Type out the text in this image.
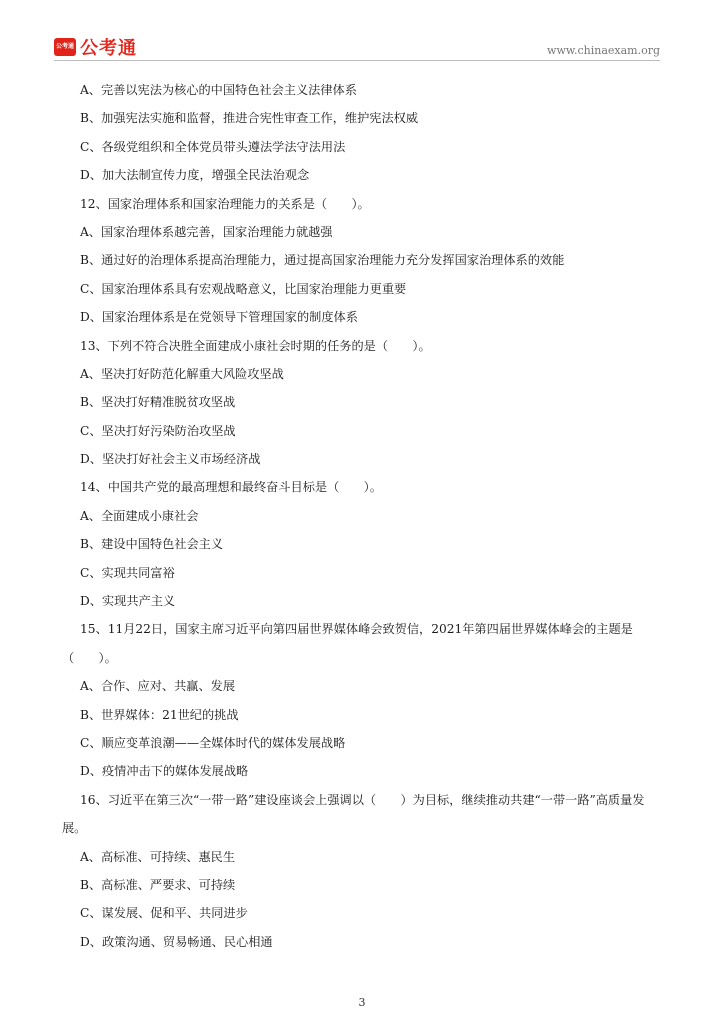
公考通 公考通	www.chinaexam.org
A、完善以宪法为核心的中国特色社会主义法律体系
B、加强宪法实施和监督，推进合宪性审查工作，维护宪法权威
C、各级党组织和全体党员带头遵法学法守法用法
D、加大法制宣传力度，增强全民法治观念
12、国家治理体系和国家治理能力的关系是（　　）。
A、国家治理体系越完善，国家治理能力就越强
B、通过好的治理体系提高治理能力，通过提高国家治理能力充分发挥国家治理体系的效能
C、国家治理体系具有宏观战略意义，比国家治理能力更重要
D、国家治理体系是在党领导下管理国家的制度体系
13、下列不符合决胜全面建成小康社会时期的任务的是（　　）。
A、坚决打好防范化解重大风险攻坚战
B、坚决打好精准脱贫攻坚战
C、坚决打好污染防治攻坚战
D、坚决打好社会主义市场经济战
14、中国共产党的最高理想和最终奋斗目标是（　　）。
A、全面建成小康社会
B、建设中国特色社会主义
C、实现共同富裕
D、实现共产主义
15、11月22日，国家主席习近平向第四届世界媒体峰会致贺信，2021年第四届世界媒体峰会的主题是（　　）。
A、合作、应对、共赢、发展
B、世界媒体：21世纪的挑战
C、顺应变革浪潮——全媒体时代的媒体发展战略
D、疫情冲击下的媒体发展战略
16、习近平在第三次“一带一路”建设座谈会上强调以（　　）为目标，继续推动共建“一带一路”高质量发展。
A、高标准、可持续、惠民生
B、高标准、严要求、可持续
C、谋发展、促和平、共同进步
D、政策沟通、贸易畅通、民心相通
3
